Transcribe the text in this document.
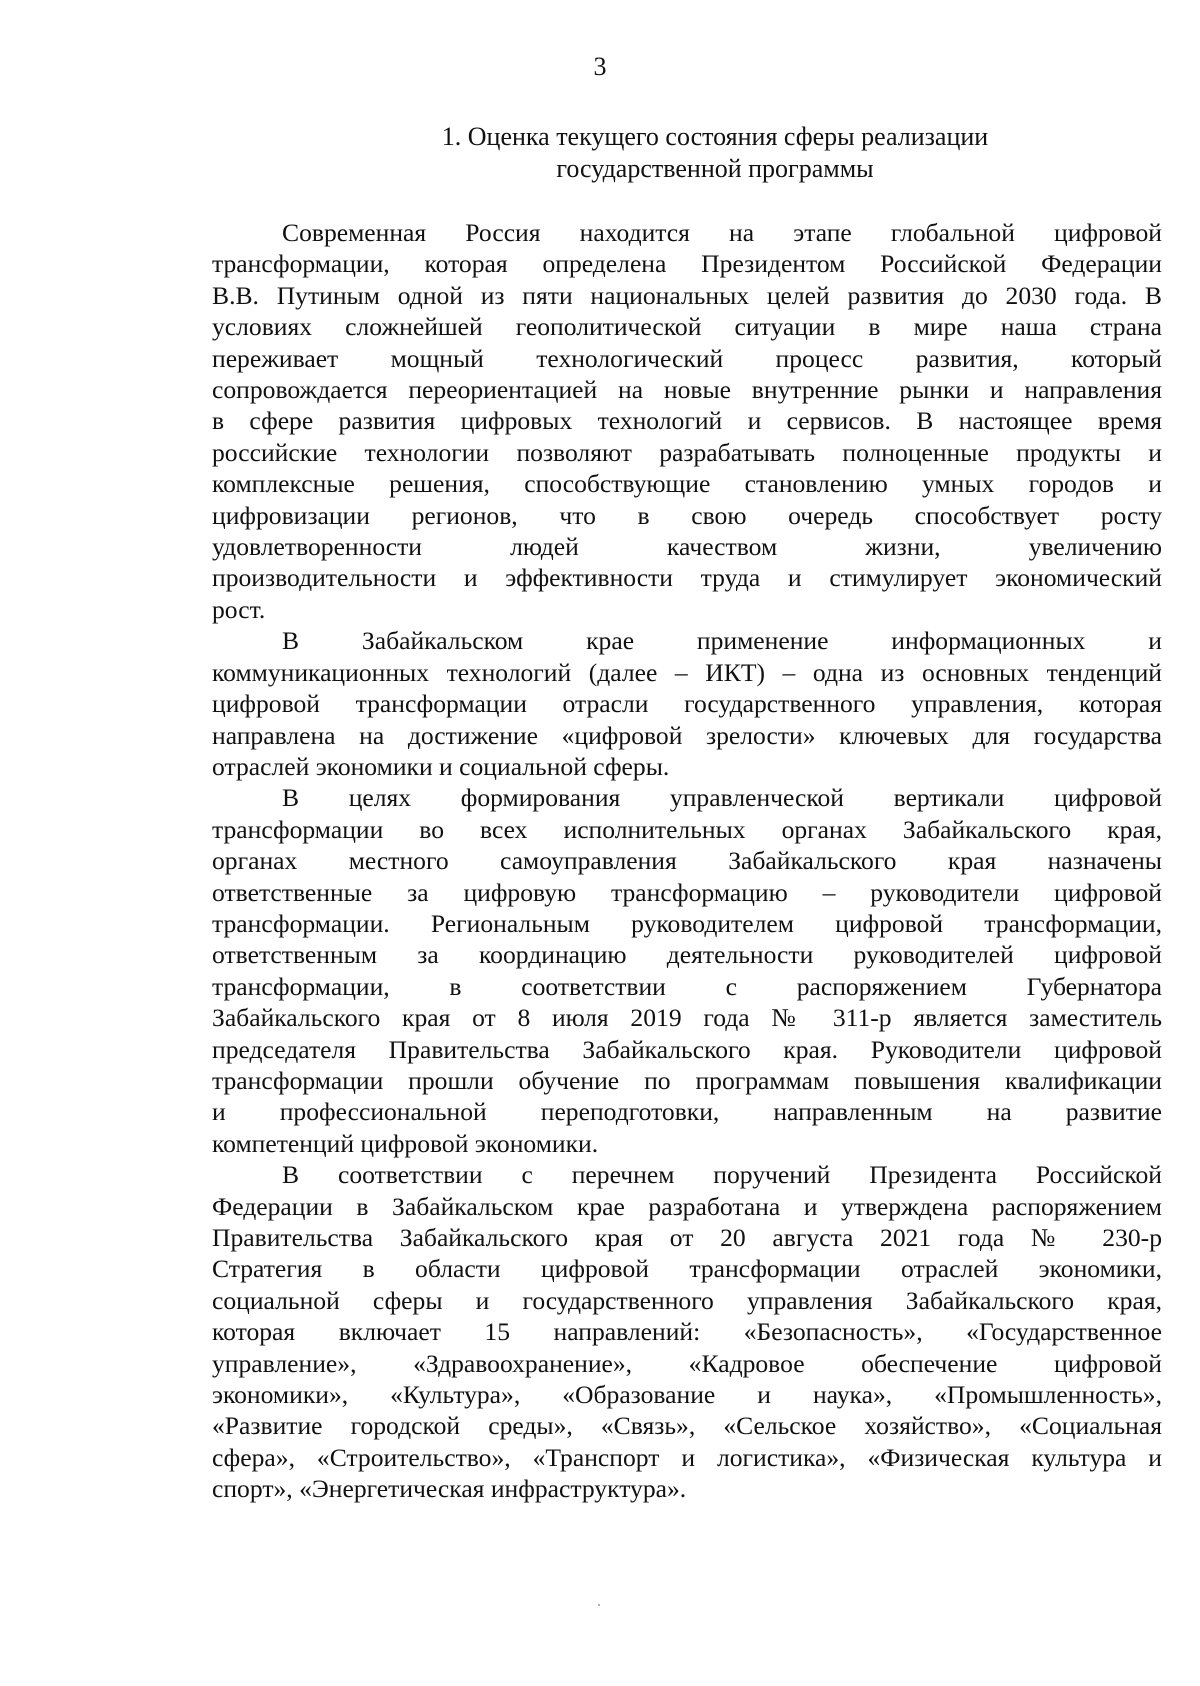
3
1. Оценка текущего состояния сферы реализации
государственной программы

Современная Россия находится на этапе глобальной цифровой
трансформации, которая определена Президентом Российской Федерации
В.В. Путиным одной из пяти национальных целей развития до 2030 года. В
условиях сложнейшей геополитической ситуации в мире наша страна
переживает мощный технологический процесс развития, который
сопровождается переориентацией на новые внутренние рынки и направления
в сфере развития цифровых технологий и сервисов. В настоящее время
российские технологии позволяют разрабатывать полноценные продукты и
комплексные решения, способствующие становлению умных городов и
цифровизации регионов, что в свою очередь способствует росту
удовлетворенности людей качеством жизни, увеличению
производительности и эффективности труда и стимулирует экономический
рост.

В Забайкальском крае применение информационных и
коммуникационных технологий (далее – ИКТ) – одна из основных тенденций
цифровой трансформации отрасли государственного управления, которая
направлена на достижение «цифровой зрелости» ключевых для государства
отраслей экономики и социальной сферы.

В целях формирования управленческой вертикали цифровой
трансформации во всех исполнительных органах Забайкальского края,
органах местного самоуправления Забайкальского края назначены
ответственные за цифровую трансформацию – руководители цифровой
трансформации. Региональным руководителем цифровой трансформации,
ответственным за координацию деятельности руководителей цифровой
трансформации, в соответствии с распоряжением Губернатора
Забайкальского края от 8 июля 2019 года № 311-р является заместитель
председателя Правительства Забайкальского края. Руководители цифровой
трансформации прошли обучение по программам повышения квалификации
и профессиональной переподготовки, направленным на развитие
компетенций цифровой экономики.

В соответствии с перечнем поручений Президента Российской
Федерации в Забайкальском крае разработана и утверждена распоряжением
Правительства Забайкальского края от 20 августа 2021 года № 230-р
Стратегия в области цифровой трансформации отраслей экономики,
социальной сферы и государственного управления Забайкальского края,
которая включает 15 направлений: «Безопасность», «Государственное
управление», «Здравоохранение», «Кадровое обеспечение цифровой
экономики», «Культура», «Образование и наука», «Промышленность»,
«Развитие городской среды», «Связь», «Сельское хозяйство», «Социальная
сфера», «Строительство», «Транспорт и логистика», «Физическая культура и
спорт», «Энергетическая инфраструктура».
